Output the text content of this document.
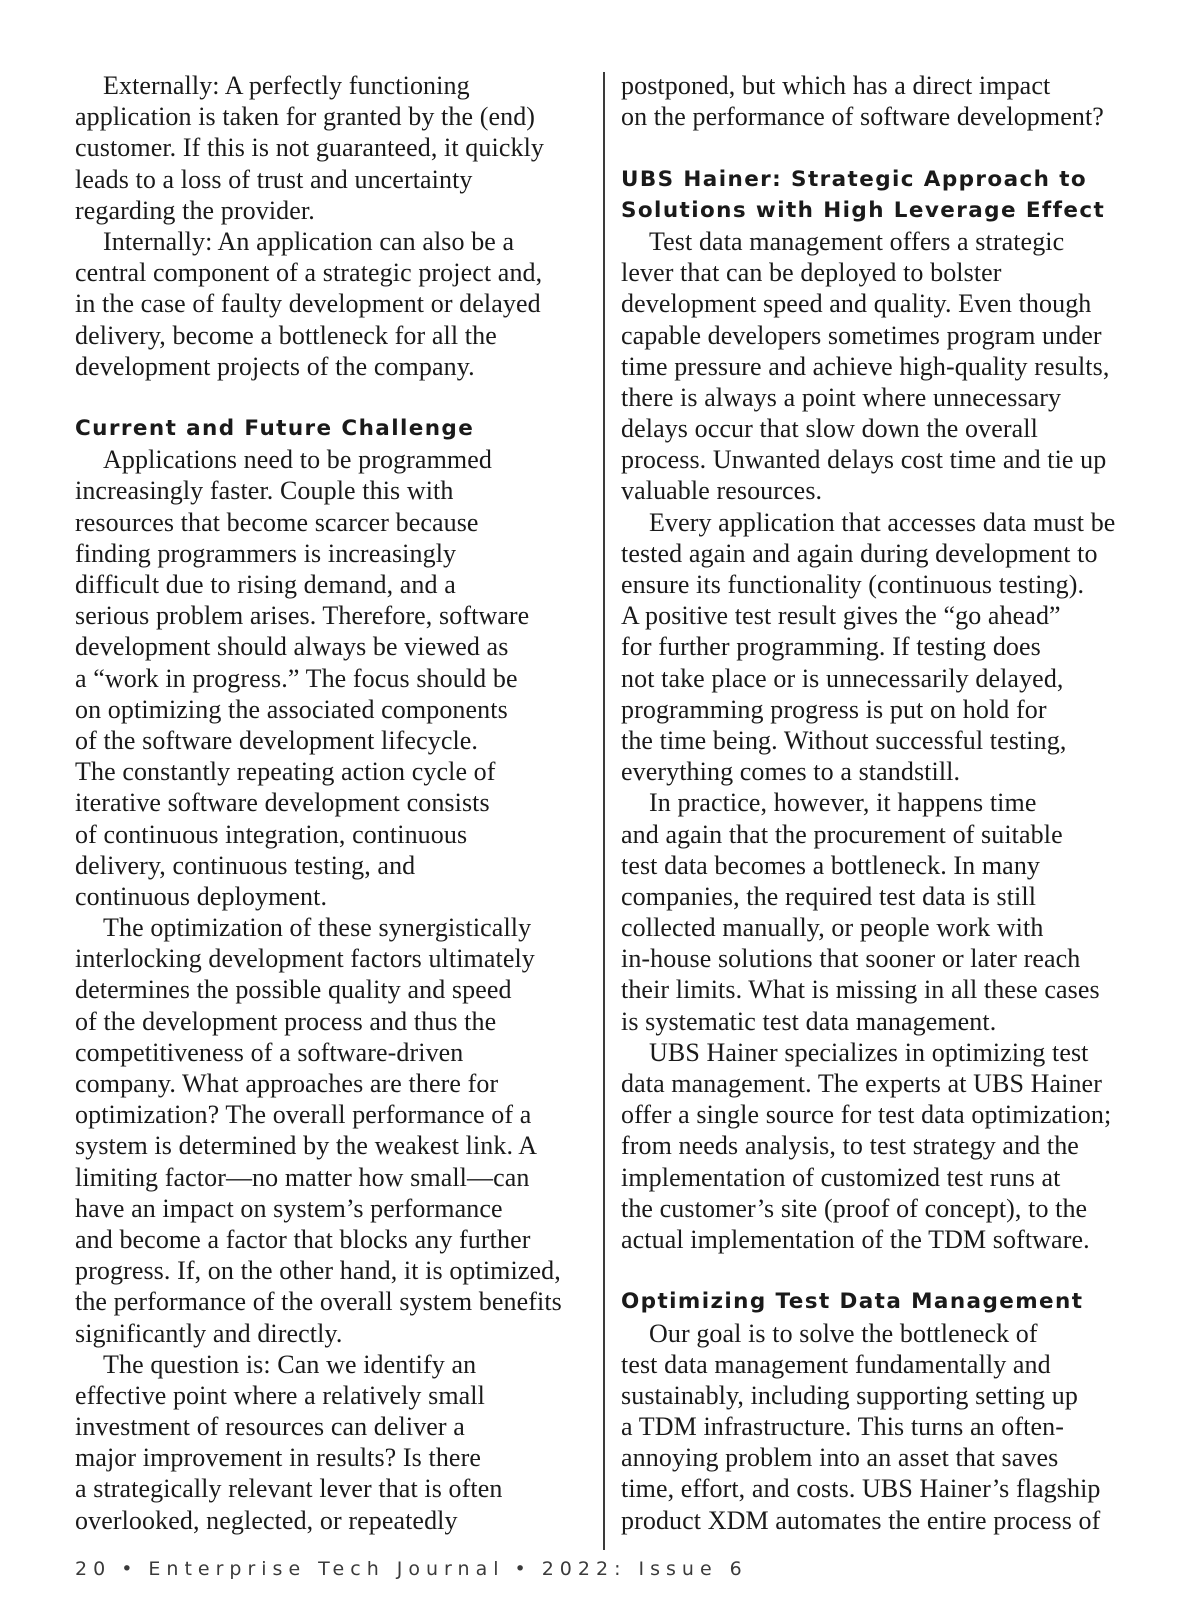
Externally: A perfectly functioning
application is taken for granted by the (end)
customer. If this is not guaranteed, it quickly
leads to a loss of trust and uncertainty
regarding the provider.
Internally: An application can also be a
central component of a strategic project and,
in the case of faulty development or delayed
delivery, become a bottleneck for all the
development projects of the company.
Current and Future Challenge
Applications need to be programmed
increasingly faster. Couple this with
resources that become scarcer because
finding programmers is increasingly
difficult due to rising demand, and a
serious problem arises. Therefore, software
development should always be viewed as
a “work in progress.” The focus should be
on optimizing the associated components
of the software development lifecycle.
The constantly repeating action cycle of
iterative software development consists
of continuous integration, continuous
delivery, continuous testing, and
continuous deployment.
The optimization of these synergistically
interlocking development factors ultimately
determines the possible quality and speed
of the development process and thus the
competitiveness of a software-driven
company. What approaches are there for
optimization? The overall performance of a
system is determined by the weakest link. A
limiting factor—no matter how small—can
have an impact on system’s performance
and become a factor that blocks any further
progress. If, on the other hand, it is optimized,
the performance of the overall system benefits
significantly and directly.
The question is: Can we identify an
effective point where a relatively small
investment of resources can deliver a
major improvement in results? Is there
a strategically relevant lever that is often
overlooked, neglected, or repeatedly
postponed, but which has a direct impact
on the performance of software development?
UBS Hainer: Strategic Approach to
Solutions with High Leverage Effect
Test data management offers a strategic
lever that can be deployed to bolster
development speed and quality. Even though
capable developers sometimes program under
time pressure and achieve high-quality results,
there is always a point where unnecessary
delays occur that slow down the overall
process. Unwanted delays cost time and tie up
valuable resources.
Every application that accesses data must be
tested again and again during development to
ensure its functionality (continuous testing).
A positive test result gives the “go ahead”
for further programming. If testing does
not take place or is unnecessarily delayed,
programming progress is put on hold for
the time being. Without successful testing,
everything comes to a standstill.
In practice, however, it happens time
and again that the procurement of suitable
test data becomes a bottleneck. In many
companies, the required test data is still
collected manually, or people work with
in-house solutions that sooner or later reach
their limits. What is missing in all these cases
is systematic test data management.
UBS Hainer specializes in optimizing test
data management. The experts at UBS Hainer
offer a single source for test data optimization;
from needs analysis, to test strategy and the
implementation of customized test runs at
the customer’s site (proof of concept), to the
actual implementation of the TDM software.
Optimizing Test Data Management
Our goal is to solve the bottleneck of
test data management fundamentally and
sustainably, including supporting setting up
a TDM infrastructure. This turns an often-
annoying problem into an asset that saves
time, effort, and costs. UBS Hainer’s flagship
product XDM automates the entire process of
20 • Enterprise Tech Journal • 2022: Issue 6
